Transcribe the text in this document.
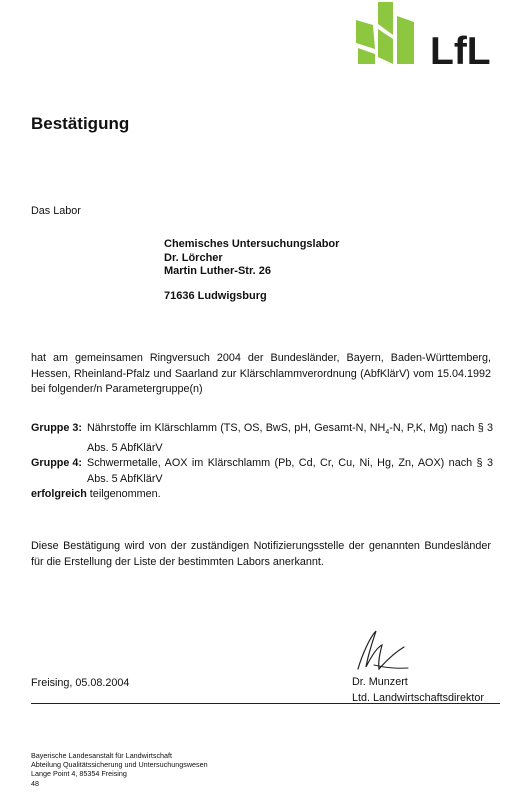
LfL
Bestätigung
Das Labor
Chemisches Untersuchungslabor
Dr. Lörcher
Martin Luther-Str. 26
71636 Ludwigsburg
hat am gemeinsamen Ringversuch 2004 der Bundesländer, Bayern, Baden-Württemberg, Hessen, Rheinland-Pfalz und Saarland zur Klärschlammverordnung (AbfKlärV) vom 15.04.1992 bei folgender/n Parametergruppe(n)
Gruppe 3: Nährstoffe im Klärschlamm (TS, OS, BwS, pH, Gesamt-N, $NH_4-N$, P,K, Mg) nach § 3 Abs. 5 AbfKlärV
Gruppe 4: Schwermetalle, AOX im Klärschlamm (Pb, Cd, Cr, Cu, Ni, Hg, Zn, AOX) nach § 3 Abs. 5 AbfKlärV
erfolgreich teilgenommen.
Diese Bestätigung wird von der zuständigen Notifizierungsstelle der genannten Bundesländer für die Erstellung der Liste der bestimmten Labors anerkannt.
Freising, 05.08.2004	Dr. Munzert
Ltd. Landwirtschaftsdirektor
Bayerische Landesanstalt für Landwirtschaft
Abteilung Qualitätssicherung und Untersuchungswesen
Lange Point 4, 85354 Freising
48
